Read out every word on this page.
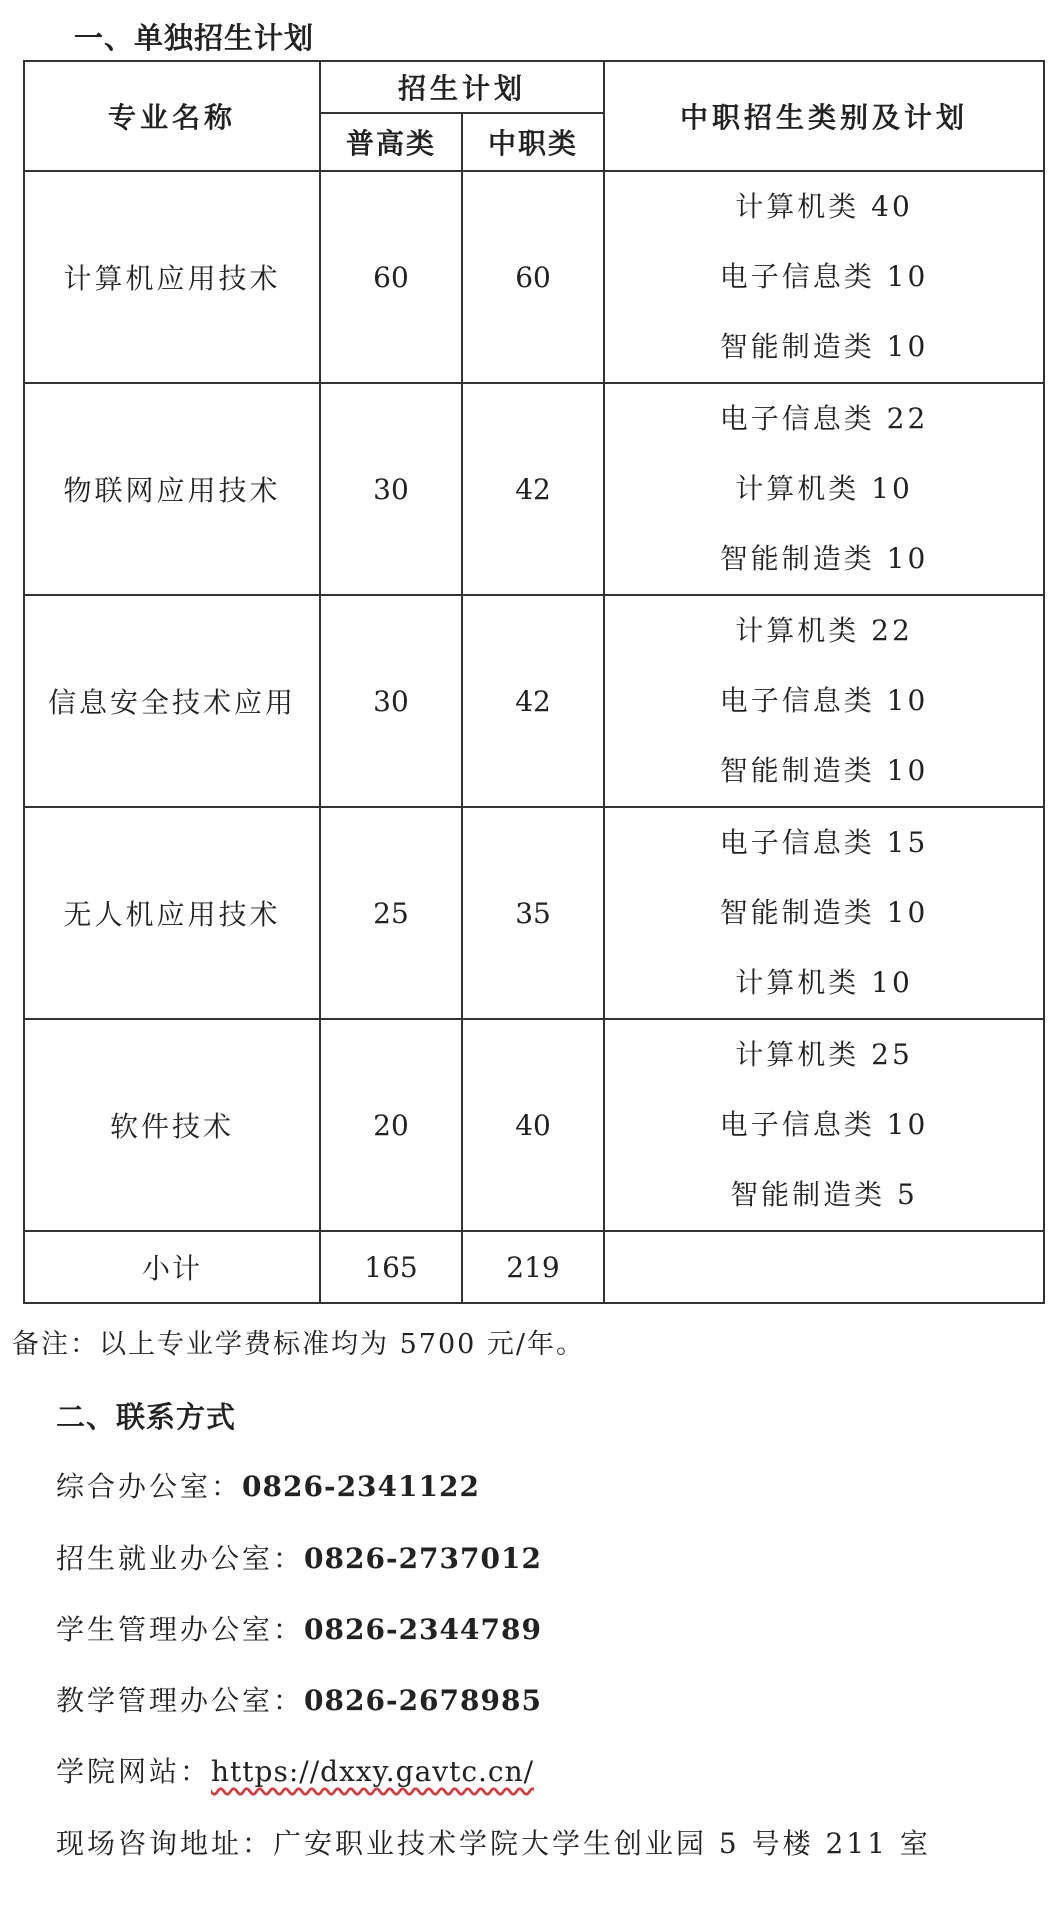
一、单独招生计划
专业名称	招生计划		中职招生类别及计划
	普高类	中职类	
计算机应用技术	60	60	计算机类 40
电子信息类 10
智能制造类 10

物联网应用技术	30	42	电子信息类 22
计算机类 10
智能制造类 10

信息安全技术应用	30	42	计算机类 22
电子信息类 10
智能制造类 10

无人机应用技术	25	35	电子信息类 15
智能制造类 10
计算机类 10

软件技术	20	40	计算机类 25
电子信息类 10
智能制造类 5

小计	165	219	
备注：以上专业学费标准均为 5700 元/年。
二、联系方式
综合办公室：0826-2341122
招生就业办公室：0826-2737012
学生管理办公室：0826-2344789
教学管理办公室：0826-2678985
学院网站：https://dxxy.gavtc.cn/
现场咨询地址：广安职业技术学院大学生创业园 5 号楼 211 室
